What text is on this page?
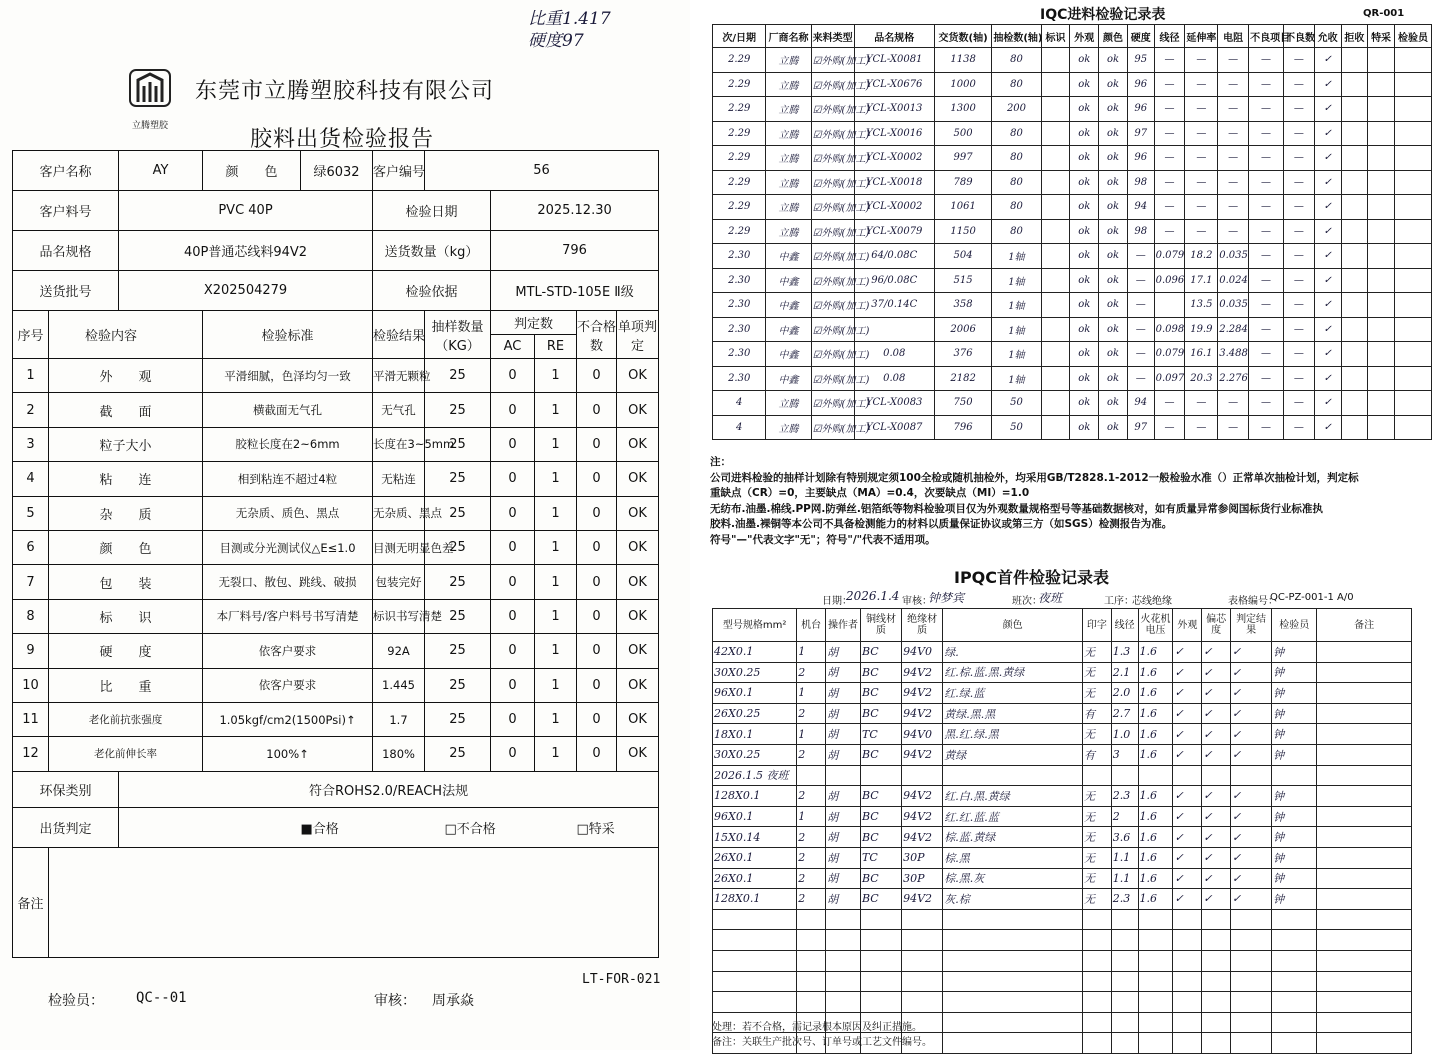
比重1.417
硬度97
立腾塑胶
东莞市立腾塑胶科技有限公司
胶料出货检验报告
客户名称		AY	颜　　色	绿6032	客户编号	56				
客户料号		PVC 40P			检验日期		2025.12.30			
品名规格		40P普通芯线料94V2			送货数量（kg）		796			
送货批号		X202504279			检验依据		MTL-STD-105E Ⅱ级			
序号	检验内容		检验标准		检验结果	抽样数量（KG）	判定数		不合格数	单项判定
							AC	RE		
1	外　　观		平滑细腻，色泽均匀一致		平滑无颗粒	25	0	1	0	OK
2	截　　面		横截面无气孔		无气孔	25	0	1	0	OK
3	粒子大小		胶粒长度在2~6mm		长度在3~5mm	25	0	1	0	OK
4	粘　　连		相到粘连不超过4粒		无粘连	25	0	1	0	OK
5	杂　　质		无杂质、质色、黑点		无杂质、黑点	25	0	1	0	OK
6	颜　　色		目测或分光测试仪△E≤1.0		目测无明显色差	25	0	1	0	OK
7	包　　装		无裂口、散包、跳线、破损		包装完好	25	0	1	0	OK
8	标　　识		本厂料号/客户料号书写清楚		标识书写清楚	25	0	1	0	OK
9	硬　　度		依客户要求		92A	25	0	1	0	OK
10	比　　重		依客户要求		1.445	25	0	1	0	OK
11	老化前抗张强度		1.05kgf/cm2(1500Psi)↑		1.7	25	0	1	0	OK
12	老化前伸长率		100%↑		180%	25	0	1	0	OK
环保类别		符合ROHS2.0/REACH法规								
出货判定				■合格		□不合格			□特采	
备注										
LT-FOR-021
检验员： QC--01	审核： 周承焱
IQC进料检验记录表	QR-001
次/日期	厂商名称	来料类型	品名规格	交货数(轴)	抽检数(轴)	标识	外观	颜色	硬度	线径	延伸率	电阻	不良项目	不良数	允收	拒收	特采	检验员
2.29	立腾	☑外购(加工)	YCL-X0081	1138	80		ok	ok	95	—	—	—	—	—	✓			
2.29	立腾	☑外购(加工)	YCL-X0676	1000	80		ok	ok	96	—	—	—	—	—	✓			
2.29	立腾	☑外购(加工)	YCL-X0013	1300	200		ok	ok	96	—	—	—	—	—	✓			
2.29	立腾	☑外购(加工)	YCL-X0016	500	80		ok	ok	97	—	—	—	—	—	✓			
2.29	立腾	☑外购(加工)	YCL-X0002	997	80		ok	ok	96	—	—	—	—	—	✓			
2.29	立腾	☑外购(加工)	YCL-X0018	789	80		ok	ok	98	—	—	—	—	—	✓			
2.29	立腾	☑外购(加工)	YCL-X0002	1061	80		ok	ok	94	—	—	—	—	—	✓			
2.29	立腾	☑外购(加工)	YCL-X0079	1150	80		ok	ok	98	—	—	—	—	—	✓			
2.30	中鑫	☑外购(加工)	64/0.08C	504	1轴		ok	ok	—	0.079	18.2	0.035	—	—	✓			
2.30	中鑫	☑外购(加工)	96/0.08C	515	1轴		ok	ok	—	0.096	17.1	0.024	—	—	✓			
2.30	中鑫	☑外购(加工)	37/0.14C	358	1轴		ok	ok	—		13.5	0.035	—	—	✓			
2.30	中鑫	☑外购(加工)		2006	1轴		ok	ok	—	0.098	19.9	2.284	—	—	✓			
2.30	中鑫	☑外购(加工)	0.08	376	1轴		ok	ok	—	0.079	16.1	3.488	—	—	✓			
2.30	中鑫	☑外购(加工)	0.08	2182	1轴		ok	ok	—	0.097	20.3	2.276	—	—	✓			
4	立腾	☑外购(加工)	YCL-X0083	750	50		ok	ok	94	—	—	—	—	—	✓			
4	立腾	☑外购(加工)	YCL-X0087	796	50		ok	ok	97	—	—	—	—	—	✓			
注：
公司进料检验的抽样计划除有特别规定须100全检或随机抽检外，均采用GB/T2828.1-2012一般检验水准（）正常单次抽检计划，判定标
重缺点（CR）=0，主要缺点（MA）=0.4，次要缺点（MI）=1.0
无纺布.油墨.棉线.PP网.防弹丝.铝箔纸等物料检验项目仅为外观数量规格型号等基础数据核对，如有质量异常参阅国标货行业标准执
胶料.油墨.裸铜等本公司不具备检测能力的材料以质量保证协议或第三方（如SGS）检测报告为准。
符号"—"代表文字"无"；符号"/"代表不适用项。
IPQC首件检验记录表
日期：
2026.1.4 审核：
钟梦宾	班次：
夜班	工序：
芯线绝缘	表格编号：
QC-PZ-001-1 A/0
型号规格mm²	机台	操作者	铜线材质	绝缘材质	颜色	印字	线径	火花机电压	外观	偏芯度	判定结果	检验员	备注
42X0.1	1	胡	BC	94V0	绿.	无	1.3	1.6	✓	✓	✓	钟	
30X0.25	2	胡	BC	94V2	红.棕.蓝.黑.黄绿	无	2.1	1.6	✓	✓	✓	钟	
96X0.1	1	胡	BC	94V2	红.绿.蓝	无	2.0	1.6	✓	✓	✓	钟	
26X0.25	2	胡	BC	94V2	黄绿.黑.黑	有	2.7	1.6	✓	✓	✓	钟	
18X0.1	1	胡	TC	94V0	黑.红.绿.黑	无	1.0	1.6	✓	✓	✓	钟	
30X0.25	2	胡	BC	94V2	黄绿	有	3	1.6	✓	✓	✓	钟	
2026.1.5 夜班													
128X0.1	2	胡	BC	94V2	红.白.黑.黄绿	无	2.3	1.6	✓	✓	✓	钟	
96X0.1	1	胡	BC	94V2	红.红.蓝.蓝	无	2	1.6	✓	✓	✓	钟	
15X0.14	2	胡	BC	94V2	棕.蓝.黄绿	无	3.6	1.6	✓	✓	✓	钟	
26X0.1	2	胡	TC	30P	棕.黑	无	1.1	1.6	✓	✓	✓	钟	
26X0.1	2	胡	BC	30P	棕.黑.灰	无	1.1	1.6	✓	✓	✓	钟	
128X0.1	2	胡	BC	94V2	灰.棕	无	2.3	1.6	✓	✓	✓	钟	

处理：若不合格，需记录根本原因及纠正措施。
备注：关联生产批次号、订单号或工艺文件编号。
